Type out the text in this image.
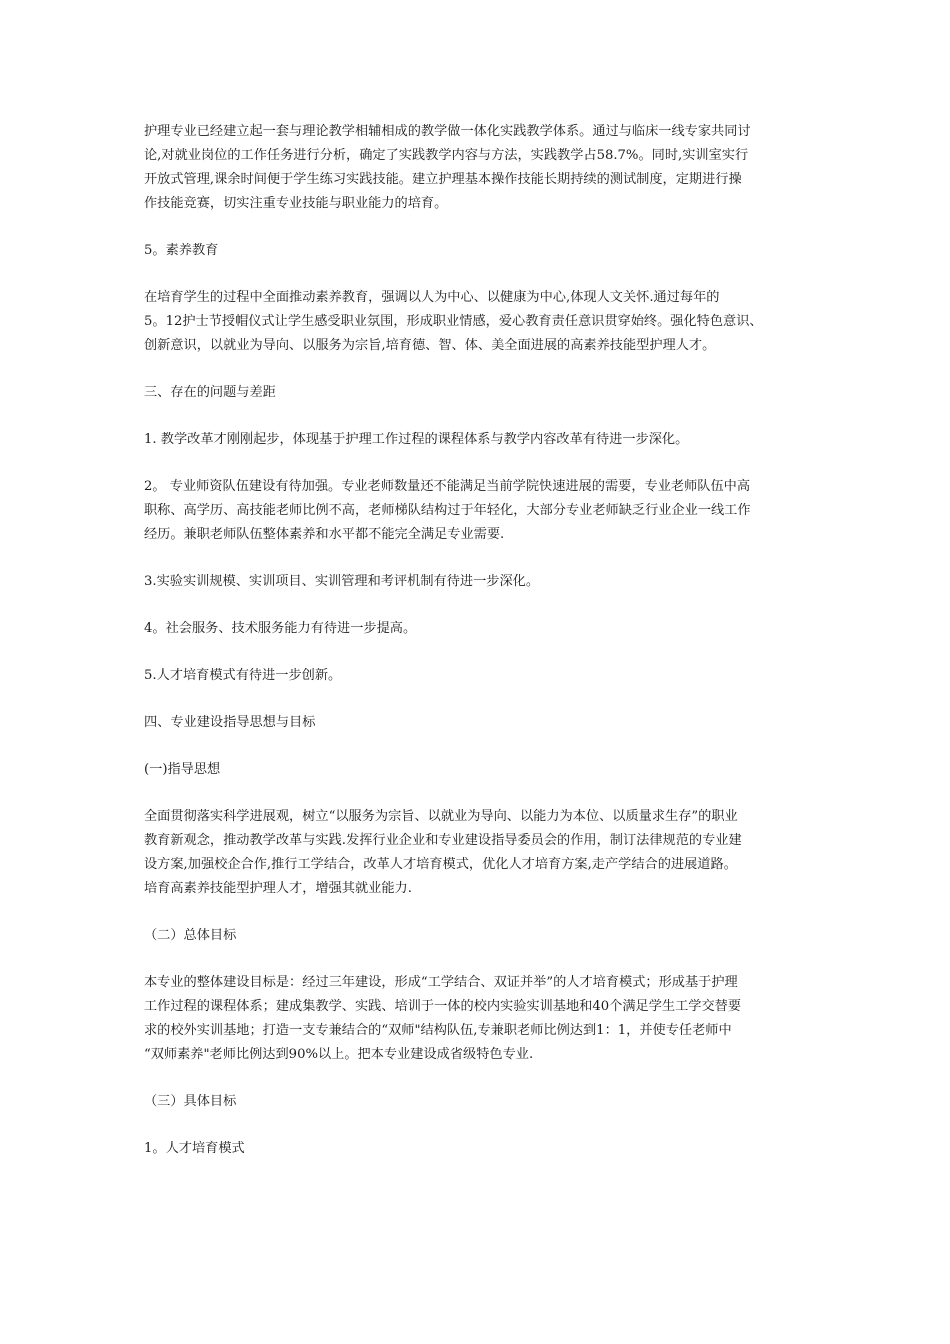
护理专业已经建立起一套与理论教学相辅相成的教学做一体化实践教学体系。通过与临床一线专家共同讨
论,对就业岗位的工作任务进行分析，确定了实践教学内容与方法，实践教学占58.7%。同时,实训室实行
开放式管理,课余时间便于学生练习实践技能。建立护理基本操作技能长期持续的测试制度，定期进行操
作技能竞赛，切实注重专业技能与职业能力的培育。

5。素养教育

在培育学生的过程中全面推动素养教育，强调以人为中心、以健康为中心,体现人文关怀.通过每年的
5。12护士节授帽仪式让学生感受职业氛围，形成职业情感，爱心教育责任意识贯穿始终。强化特色意识、
创新意识，以就业为导向、以服务为宗旨,培育德、智、体、美全面进展的高素养技能型护理人才。

三、存在的问题与差距

1. 教学改革才刚刚起步，体现基于护理工作过程的课程体系与教学内容改革有待进一步深化。

2。 专业师资队伍建设有待加强。专业老师数量还不能满足当前学院快速进展的需要，专业老师队伍中高
职称、高学历、高技能老师比例不高，老师梯队结构过于年轻化，大部分专业老师缺乏行业企业一线工作
经历。兼职老师队伍整体素养和水平都不能完全满足专业需要.

3.实验实训规模、实训项目、实训管理和考评机制有待进一步深化。

4。社会服务、技术服务能力有待进一步提高。

5.人才培育模式有待进一步创新。

四、专业建设指导思想与目标

(一)指导思想

全面贯彻落实科学进展观，树立“以服务为宗旨、以就业为导向、以能力为本位、以质量求生存”的职业
教育新观念，推动教学改革与实践.发挥行业企业和专业建设指导委员会的作用，制订法律规范的专业建
设方案,加强校企合作,推行工学结合，改革人才培育模式，优化人才培育方案,走产学结合的进展道路。
培育高素养技能型护理人才，增强其就业能力.

（二）总体目标

本专业的整体建设目标是：经过三年建设，形成“工学结合、双证并举”的人才培育模式；形成基于护理
工作过程的课程体系；建成集教学、实践、培训于一体的校内实验实训基地和40个满足学生工学交替要
求的校外实训基地；打造一支专兼结合的“双师"结构队伍,专兼职老师比例达到1：1，并使专任老师中
“双师素养"老师比例达到90%以上。把本专业建设成省级特色专业.

（三）具体目标

1。人才培育模式
